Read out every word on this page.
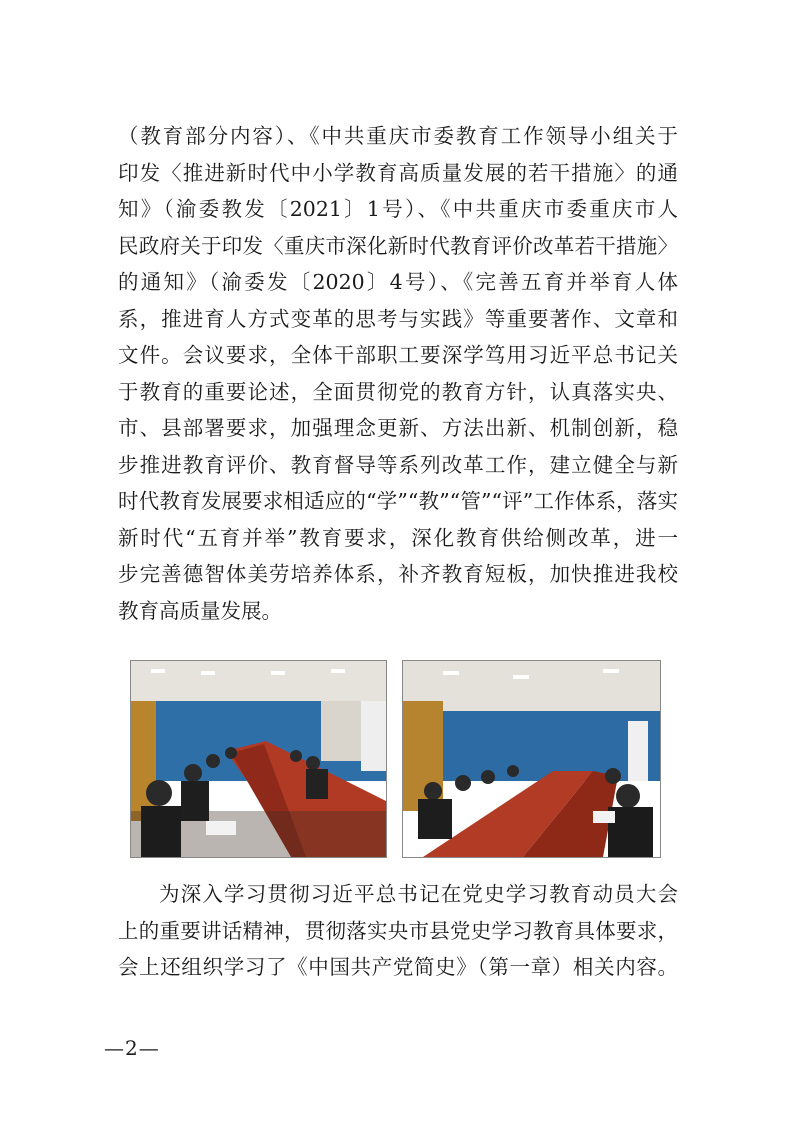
（教育部分内容）、《中共重庆市委教育工作领导小组关于
印发〈推进新时代中小学教育高质量发展的若干措施〉的通
知》（渝委教发〔2021〕1号）、《中共重庆市委重庆市人
民政府关于印发〈重庆市深化新时代教育评价改革若干措施〉
的通知》（渝委发〔2020〕4号）、《完善五育并举育人体
系，推进育人方式变革的思考与实践》等重要著作、文章和
文件。会议要求，全体干部职工要深学笃用习近平总书记关
于教育的重要论述，全面贯彻党的教育方针，认真落实央、
市、县部署要求，加强理念更新、方法出新、机制创新，稳
步推进教育评价、教育督导等系列改革工作，建立健全与新
时代教育发展要求相适应的“学”“教”“管”“评”工作体系，落实
新时代“五育并举”教育要求，深化教育供给侧改革，进一
步完善德智体美劳培养体系，补齐教育短板，加快推进我校
教育高质量发展。
为深入学习贯彻习近平总书记在党史学习教育动员大会
上的重要讲话精神，贯彻落实央市县党史学习教育具体要求，
会上还组织学习了《中国共产党简史》（第一章）相关内容。
—2—
